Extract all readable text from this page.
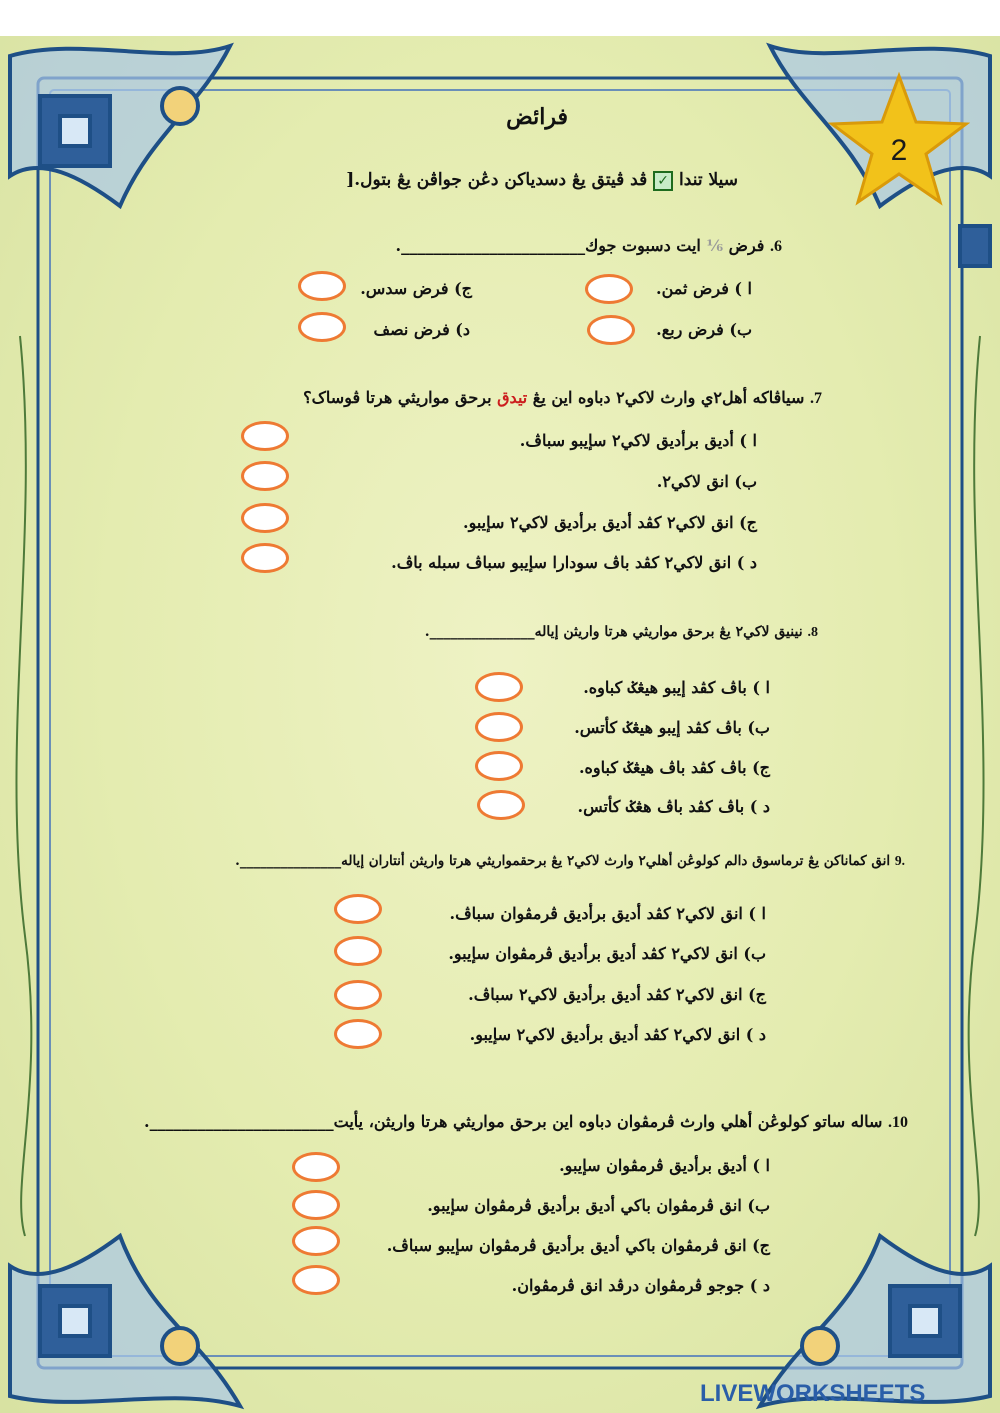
2
فرائض
سيلا تندا ✓ ڤد ڤيتق يڠ دسدياکن دڠن جواڤن يڠ بتول.[
6. فرض ⅙ ايت دسبوت جوك_______________________.
ا ) فرض ثمن.
ب) فرض ربع.
ج) فرض سدس.
د) فرض نصف
7. سياڤاکه أهل٢ي وارث لاکي٢ دباوه اين يڠ تيدق برحق مواريثي هرتا ڤوساک؟
ا ) أديق برأديق لاکي٢ سإيبو سباڤ.
ب) انق لاکي٢.
ج) انق لاکي٢ کڤد أديق برأديق لاکي٢ سإيبو.
د ) انق لاکي٢ کڤد باڤ سودارا سإيبو سباڤ سبله باڤ.
8. نينيق لاکي٢ يڠ برحق مواريثي هرتا واريثن إياله_______________.
ا ) باڤ کڤد إيبو هيڠݢ کباوه.
ب) باڤ کڤد إيبو هيڠݢ کأتس.
ج) باڤ کڤد باڤ هيڠݢ کباوه.
د ) باڤ کڤد باڤ هڠݢ کأتس.
.9 انق کماناکن يڠ ترماسوق دالم کولوڠن أهلي٢ وارث لاکي٢ يڠ برحقمواريثي هرتا واريثن أنتاران إياله_______________.
ا ) انق لاکي٢ کڤد أديق برأديق ڤرمڤوان سباڤ.
ب) انق لاکي٢ کڤد أديق برأديق ڤرمڤوان سإيبو.
ج) انق لاکي٢ کڤد أديق برأديق لاکي٢ سباڤ.
د ) انق لاکي٢ کڤد أديق برأديق لاکي٢ سإيبو.
10. ساله ساتو کولوڠن أهلي وارث ڤرمڤوان دباوه اين برحق مواريثي هرتا واريثن، يأيت_______________________.
ا ) أديق برأديق ڤرمڤوان سإيبو.
ب) انق ڤرمڤوان باکي أديق برأديق ڤرمڤوان سإيبو.
ج) انق ڤرمڤوان باکي أديق برأديق ڤرمڤوان سإيبو سباڤ.
د ) جوجو ڤرمڤوان درڤد انق ڤرمڤوان.
LIVEWORKSHEETS
